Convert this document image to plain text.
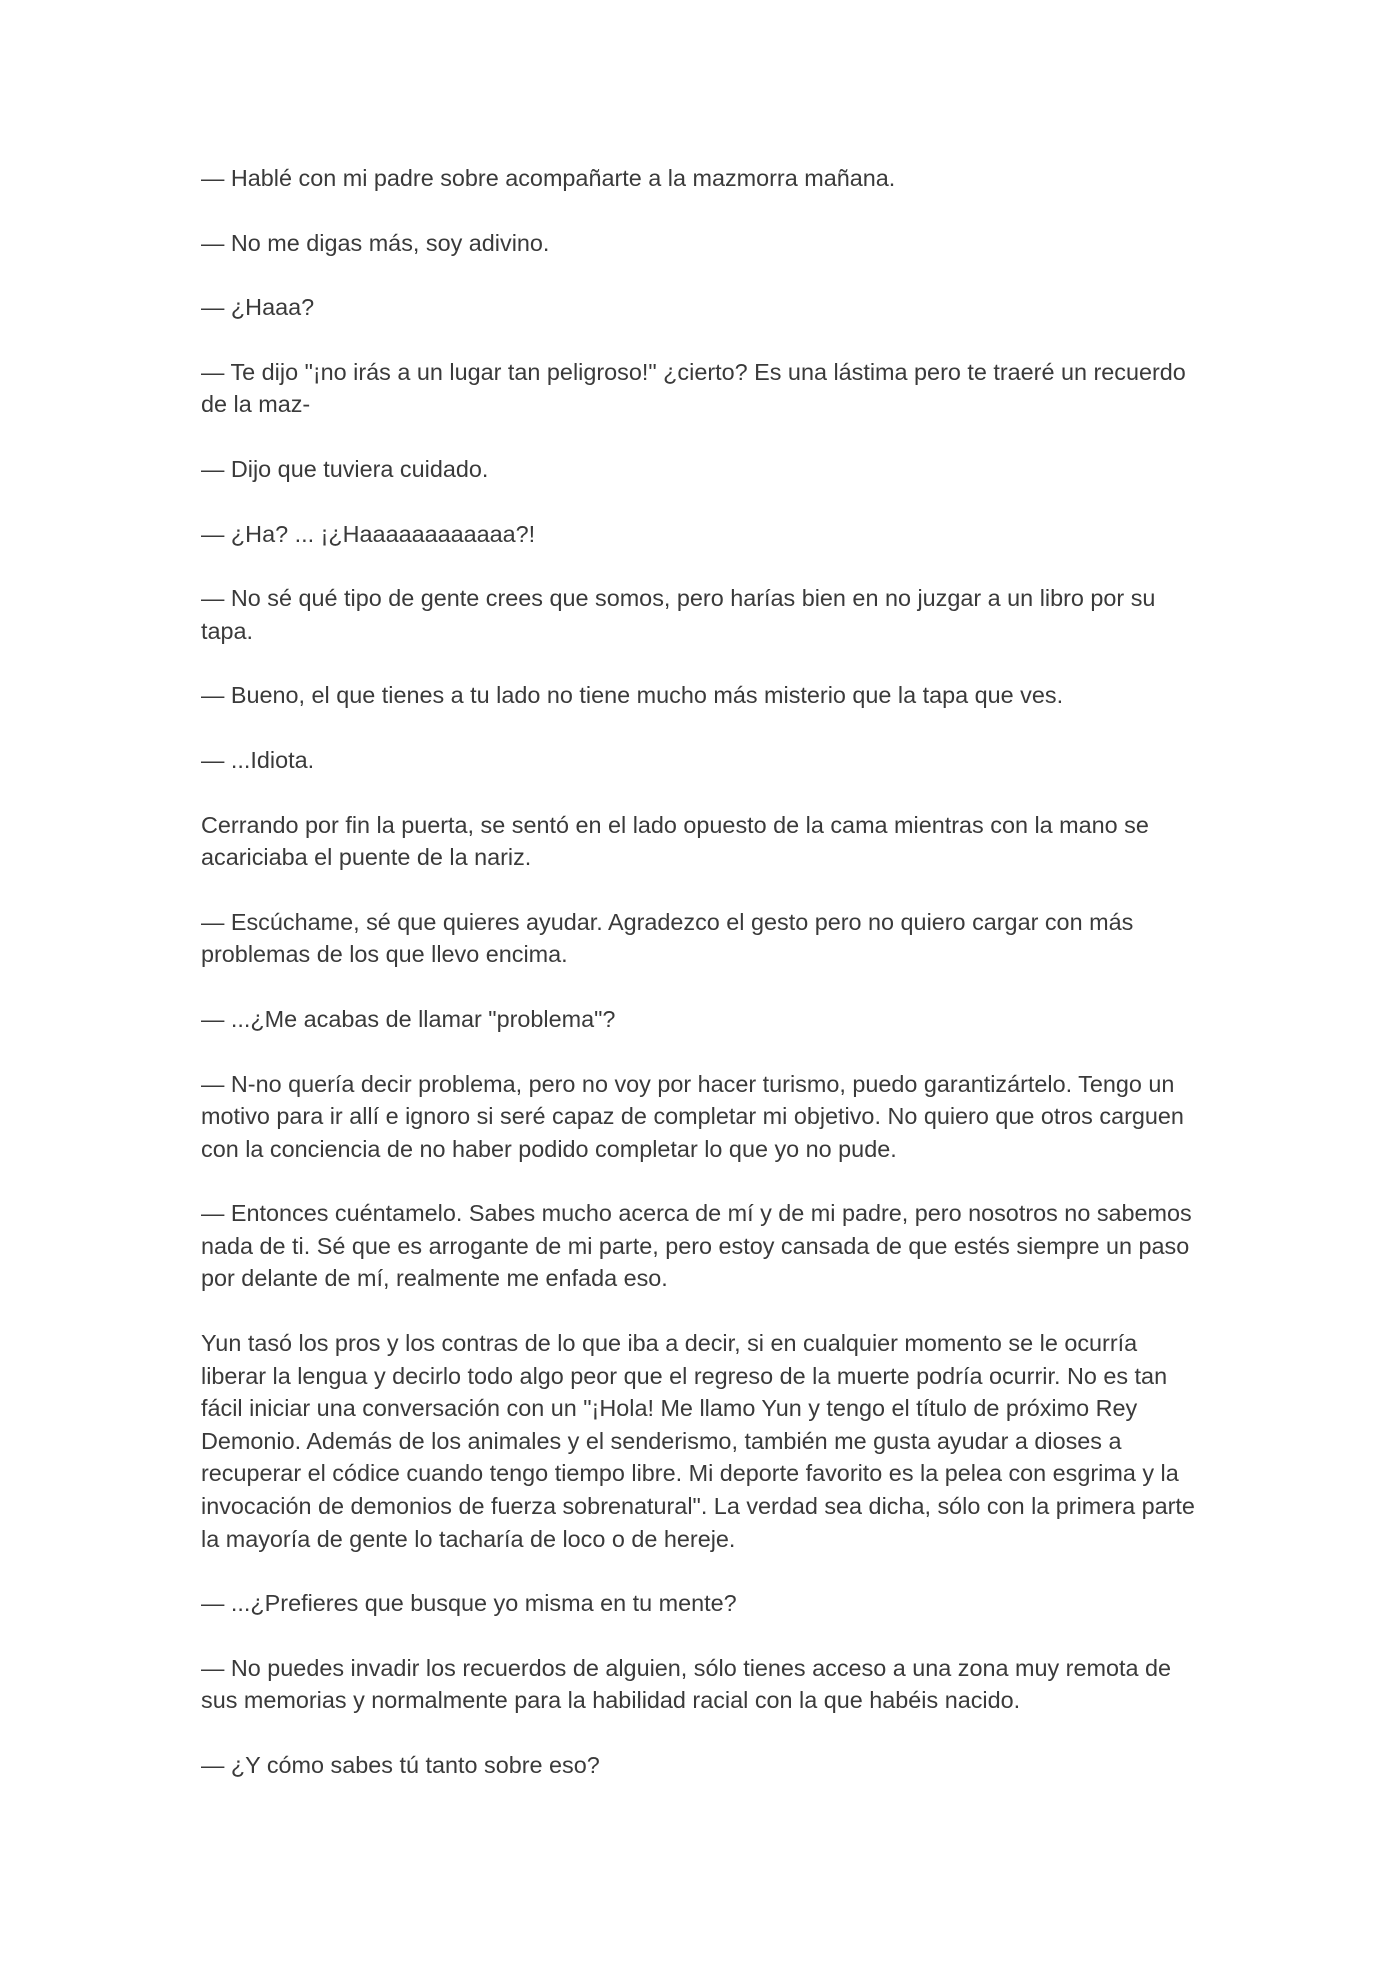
— Hablé con mi padre sobre acompañarte a la mazmorra mañana.

— No me digas más, soy adivino.

— ¿Haaa?

— Te dijo "¡no irás a un lugar tan peligroso!" ¿cierto? Es una lástima pero te traeré un recuerdo de la maz-

— Dijo que tuviera cuidado.

— ¿Ha? ... ¡¿Haaaaaaaaaaaa?!

— No sé qué tipo de gente crees que somos, pero harías bien en no juzgar a un libro por su tapa.

— Bueno, el que tienes a tu lado no tiene mucho más misterio que la tapa que ves.

— ...Idiota.

Cerrando por fin la puerta, se sentó en el lado opuesto de la cama mientras con la mano se acariciaba el puente de la nariz.

— Escúchame, sé que quieres ayudar. Agradezco el gesto pero no quiero cargar con más problemas de los que llevo encima.

— ...¿Me acabas de llamar "problema"?

— N-no quería decir problema, pero no voy por hacer turismo, puedo garantizártelo. Tengo un motivo para ir allí e ignoro si seré capaz de completar mi objetivo. No quiero que otros carguen con la conciencia de no haber podido completar lo que yo no pude.

— Entonces cuéntamelo. Sabes mucho acerca de mí y de mi padre, pero nosotros no sabemos nada de ti. Sé que es arrogante de mi parte, pero estoy cansada de que estés siempre un paso por delante de mí, realmente me enfada eso.

Yun tasó los pros y los contras de lo que iba a decir, si en cualquier momento se le ocurría liberar la lengua y decirlo todo algo peor que el regreso de la muerte podría ocurrir. No es tan fácil iniciar una conversación con un "¡Hola! Me llamo Yun y tengo el título de próximo Rey Demonio. Además de los animales y el senderismo, también me gusta ayudar a dioses a recuperar el códice cuando tengo tiempo libre. Mi deporte favorito es la pelea con esgrima y la invocación de demonios de fuerza sobrenatural". La verdad sea dicha, sólo con la primera parte la mayoría de gente lo tacharía de loco o de hereje.

— ...¿Prefieres que busque yo misma en tu mente?

— No puedes invadir los recuerdos de alguien, sólo tienes acceso a una zona muy remota de sus memorias y normalmente para la habilidad racial con la que habéis nacido.

— ¿Y cómo sabes tú tanto sobre eso?
